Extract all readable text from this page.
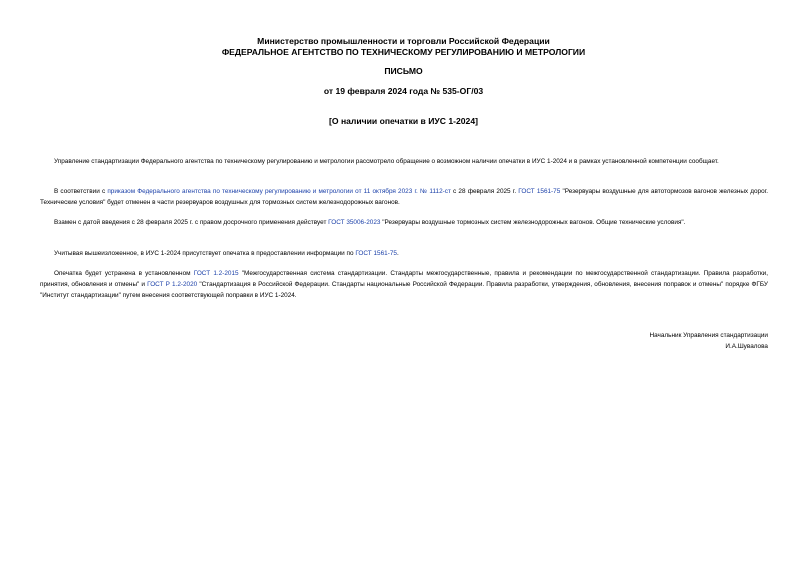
Министерство промышленности и торговли Российской Федерации
ФЕДЕРАЛЬНОЕ АГЕНТСТВО ПО ТЕХНИЧЕСКОМУ РЕГУЛИРОВАНИЮ И МЕТРОЛОГИИ
ПИСЬМО
от 19 февраля 2024 года № 535-ОГ/03
[О наличии опечатки в ИУС 1-2024]
Управление стандартизации Федерального агентства по техническому регулированию и метрологии рассмотрело обращение о возможном наличии опечатки в ИУС 1-2024 и в рамках установленной компетенции сообщает.
В соответствии с приказом Федерального агентства по техническому регулированию и метрологии от 11 октября 2023 г. № 1112-ст с 28 февраля 2025 г. ГОСТ 1561-75 "Резервуары воздушные для автотормозов вагонов железных дорог. Технические условия" будет отменен в части резервуаров воздушных для тормозных систем железнодорожных вагонов.
Взамен с датой введения с 28 февраля 2025 г. с правом досрочного применения действует ГОСТ 35006-2023 "Резервуары воздушные тормозных систем железнодорожных вагонов. Общие технические условия".
Учитывая вышеизложенное, в ИУС 1-2024 присутствует опечатка в предоставлении информации по ГОСТ 1561-75.
Опечатка будет устранена в установленном ГОСТ 1.2-2015 "Межгосударственная система стандартизации. Стандарты межгосударственные, правила и рекомендации по межгосударственной стандартизации. Правила разработки, принятия, обновления и отмены" и ГОСТ Р 1.2-2020 "Стандартизация в Российской Федерации. Стандарты национальные Российской Федерации. Правила разработки, утверждения, обновления, внесения поправок и отмены" порядке ФГБУ "Институт стандартизации" путем внесения соответствующей поправки в ИУС 1-2024.
Начальник Управления стандартизации
И.А.Шувалова
